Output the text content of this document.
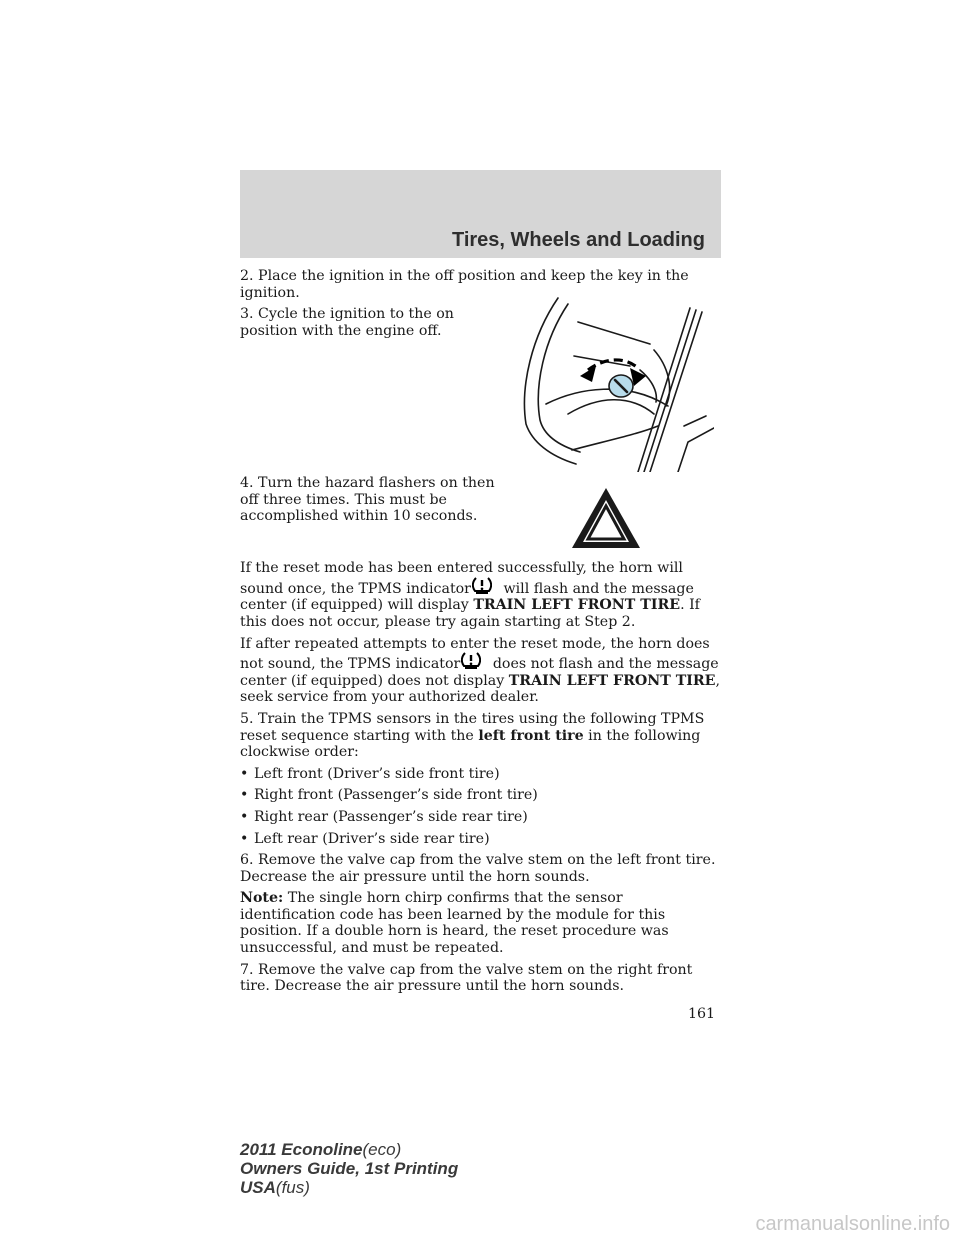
Tires, Wheels and Loading

2. Place the ignition in the off position and keep the key in the ignition.

3. Cycle the ignition to the on position with the engine off.

4. Turn the hazard flashers on then off three times. This must be accomplished within 10 seconds.

If the reset mode has been entered successfully, the horn will sound once, the TPMS indicator
will flash and the message center (if equipped) will display TRAIN LEFT FRONT TIRE. If this does not occur, please try again starting at Step 2.

If after repeated attempts to enter the reset mode, the horn does not sound, the TPMS indicator
does not flash and the message center (if equipped) does not display TRAIN LEFT FRONT TIRE, seek service from your authorized dealer.

5. Train the TPMS sensors in the tires using the following TPMS reset sequence starting with the left front tire in the following clockwise order:

• Left front (Driver’s side front tire)
• Right front (Passenger’s side front tire)
• Right rear (Passenger’s side rear tire)
• Left rear (Driver’s side rear tire)

6. Remove the valve cap from the valve stem on the left front tire. Decrease the air pressure until the horn sounds.

Note: The single horn chirp confirms that the sensor identification code has been learned by the module for this position. If a double horn is heard, the reset procedure was unsuccessful, and must be repeated.

7. Remove the valve cap from the valve stem on the right front tire. Decrease the air pressure until the horn sounds.

161

2011 Econoline(eco)
Owners Guide, 1st Printing
USA(fus)
carmanualsonline.info
